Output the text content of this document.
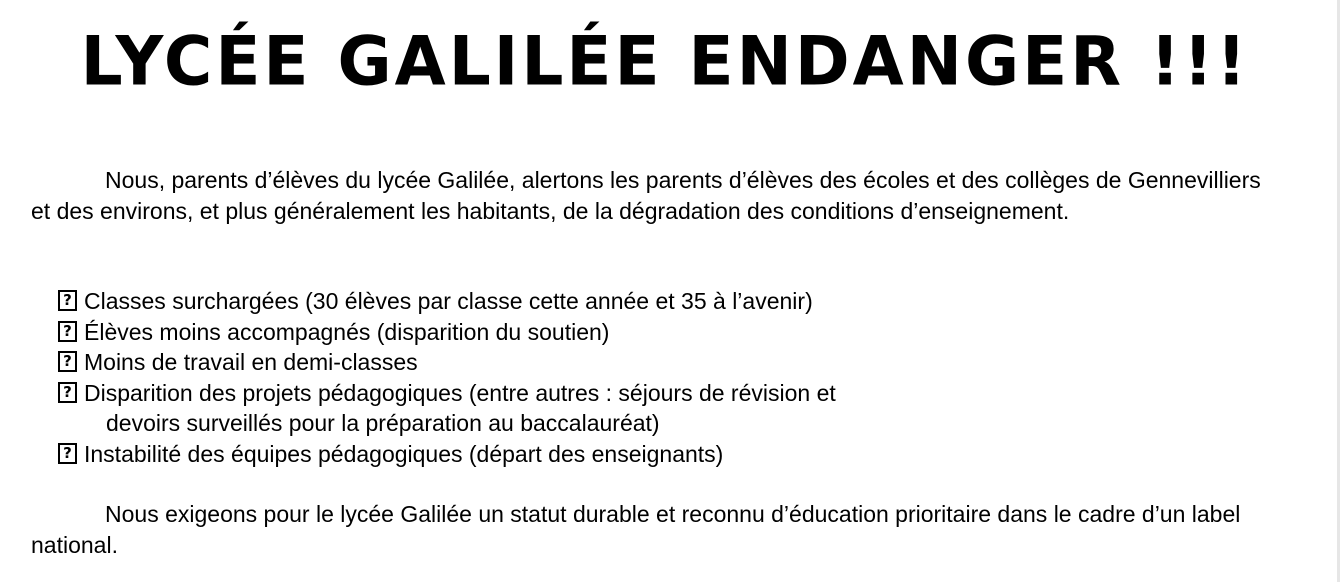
LYCÉE GALILÉE ENDANGER !!!

Nous, parents d’élèves du lycée Galilée, alertons les parents d’élèves des écoles et des collèges de Gennevilliers et des environs, et plus généralement les habitants, de la dégradation des conditions d’enseignement.

? Classes surchargées (30 élèves par classe cette année et 35 à l’avenir)
? Élèves moins accompagnés (disparition du soutien)
? Moins de travail en demi-classes
? Disparition des projets pédagogiques (entre autres : séjours de révision et
devoirs surveillés pour la préparation au baccalauréat)
? Instabilité des équipes pédagogiques (départ des enseignants)

Nous exigeons pour le lycée Galilée un statut durable et reconnu d’éducation prioritaire dans le cadre d’un label national.
